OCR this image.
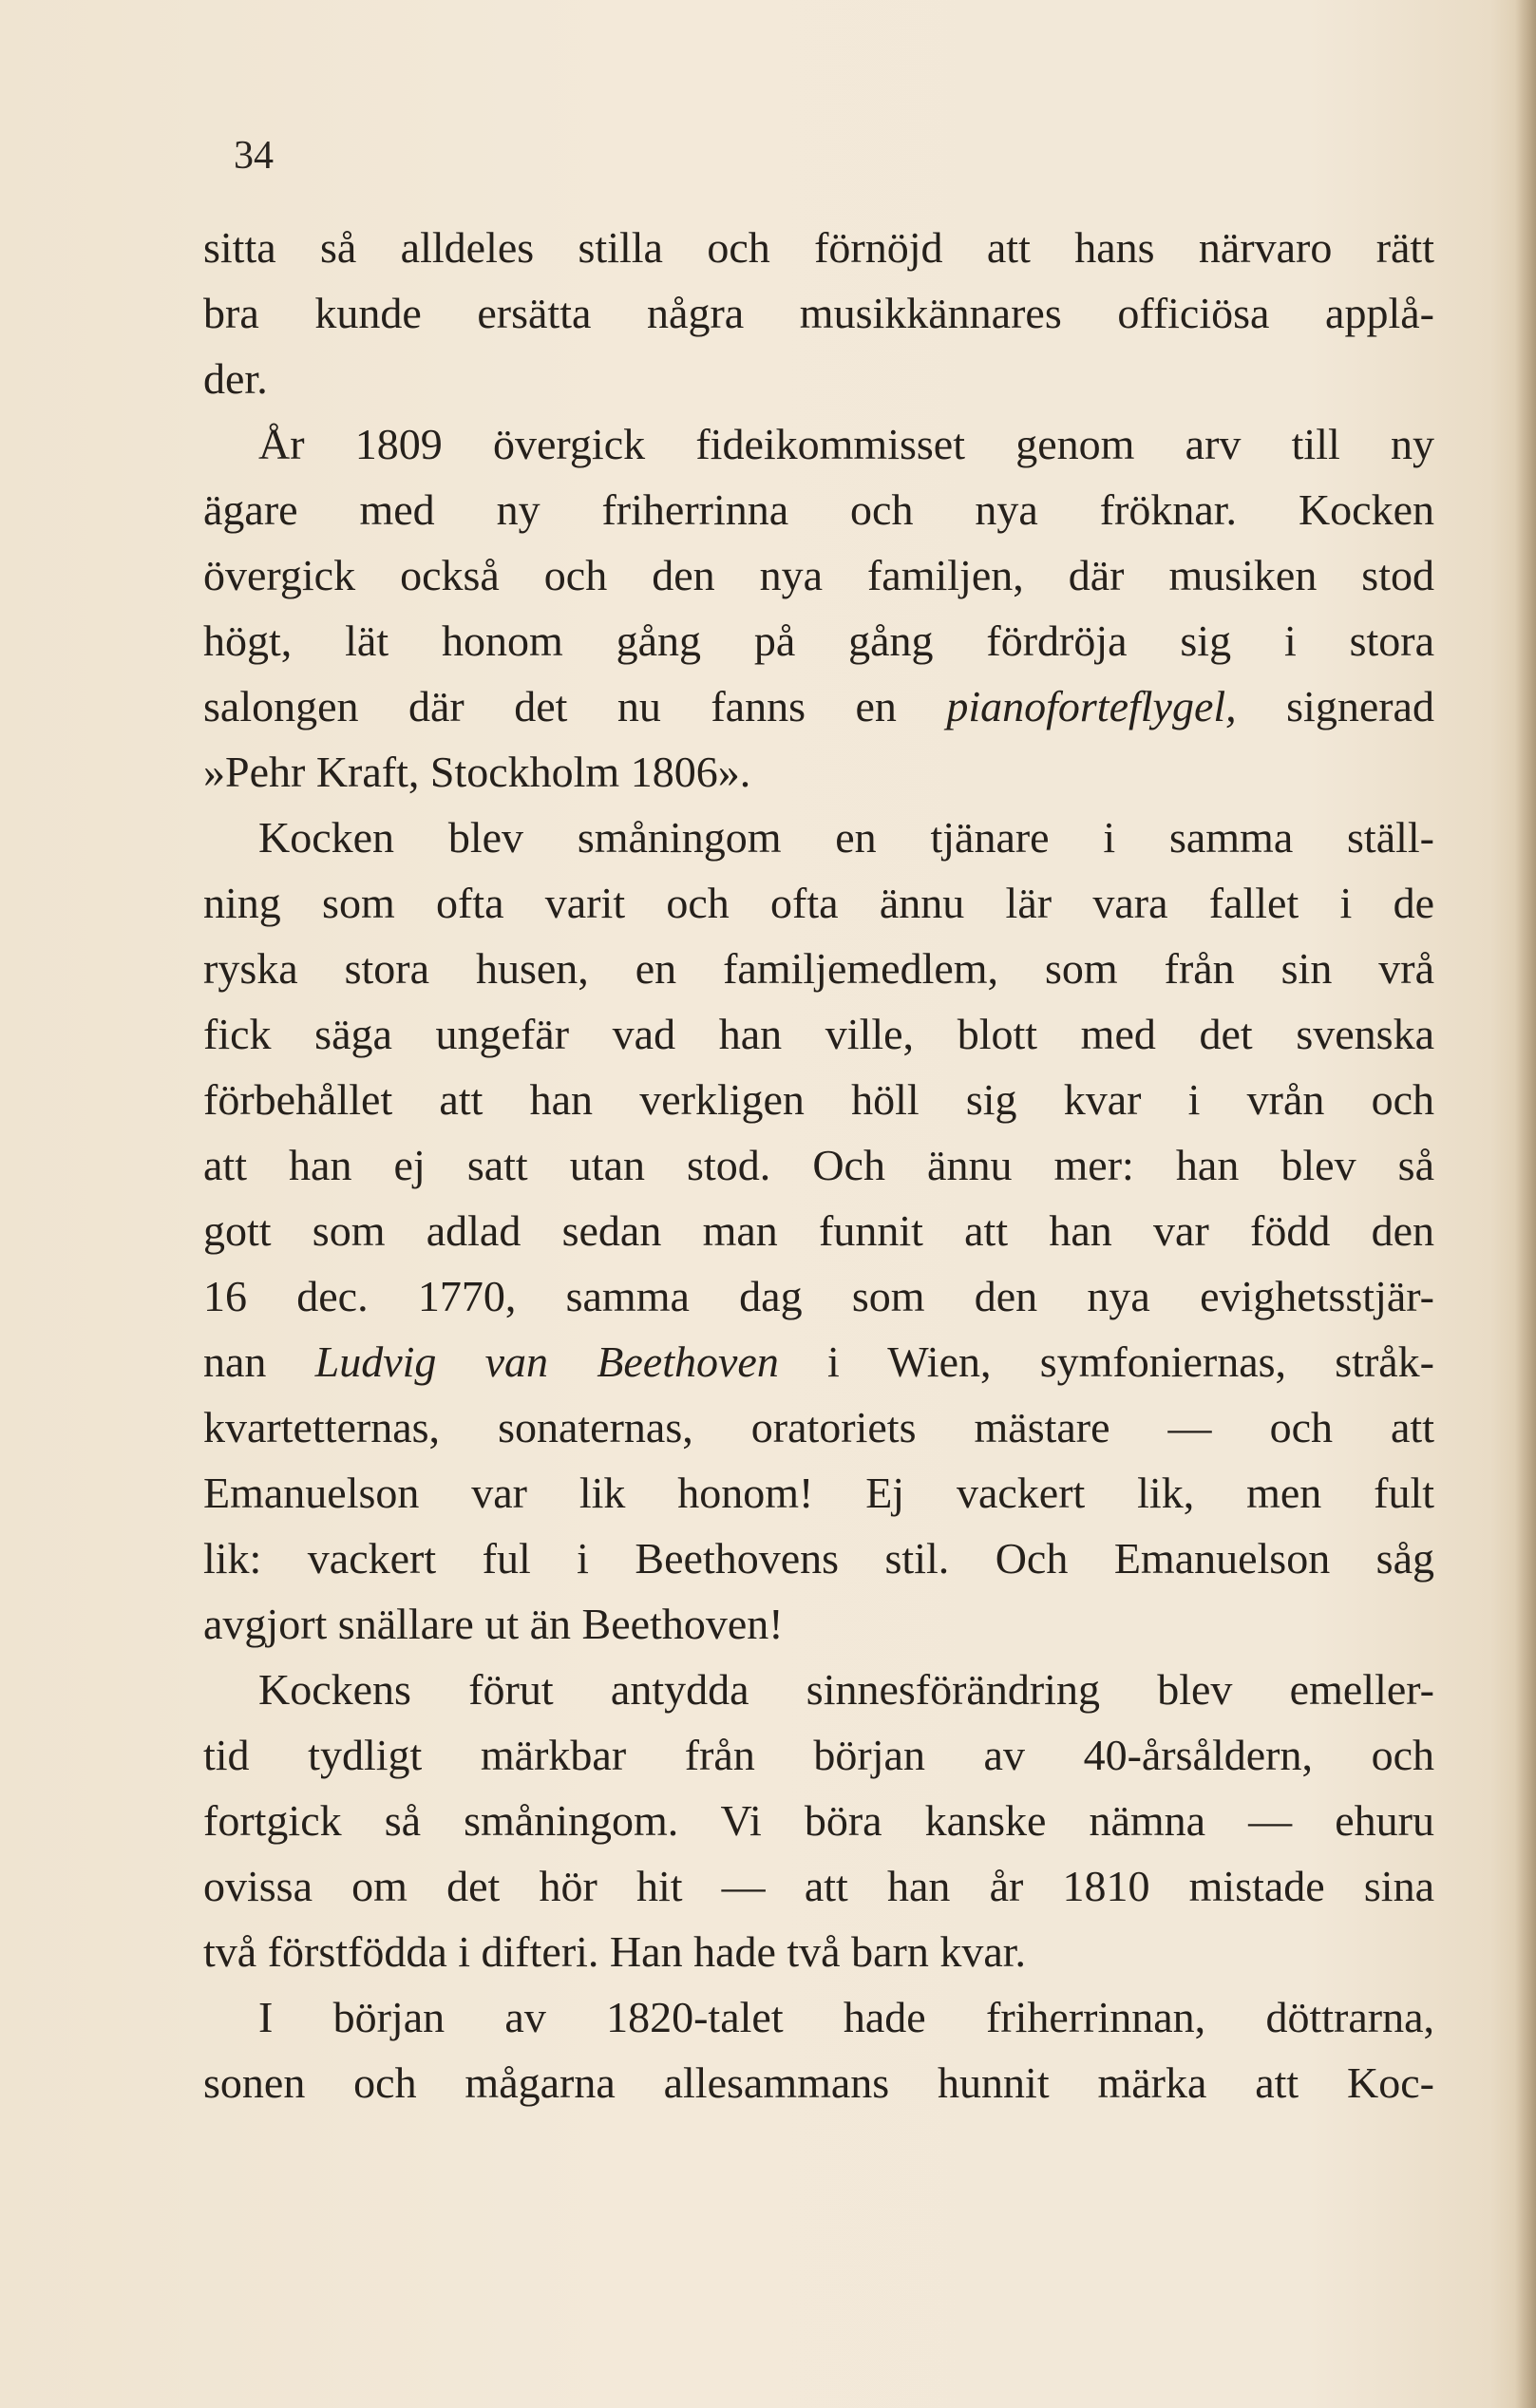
34
sitta så alldeles stilla och förnöjd att hans närvaro rätt
bra kunde ersätta några musikkännares officiösa applå-
der.
År 1809 övergick fideikommisset genom arv till ny
ägare med ny friherrinna och nya fröknar. Kocken
övergick också och den nya familjen, där musiken stod
högt, lät honom gång på gång fördröja sig i stora
salongen där det nu fanns en pianoforteflygel, signerad
»Pehr Kraft, Stockholm 1806».
Kocken blev småningom en tjänare i samma ställ-
ning som ofta varit och ofta ännu lär vara fallet i de
ryska stora husen, en familjemedlem, som från sin vrå
fick säga ungefär vad han ville, blott med det svenska
förbehållet att han verkligen höll sig kvar i vrån och
att han ej satt utan stod. Och ännu mer: han blev så
gott som adlad sedan man funnit att han var född den
16 dec. 1770, samma dag som den nya evighetsstjär-
nan Ludvig van Beethoven i Wien, symfoniernas, stråk-
kvartetternas, sonaternas, oratoriets mästare — och att
Emanuelson var lik honom! Ej vackert lik, men fult
lik: vackert ful i Beethovens stil. Och Emanuelson såg
avgjort snällare ut än Beethoven!
Kockens förut antydda sinnesförändring blev emeller-
tid tydligt märkbar från början av 40-årsåldern, och
fortgick så småningom. Vi böra kanske nämna — ehuru
ovissa om det hör hit — att han år 1810 mistade sina
två förstfödda i difteri. Han hade två barn kvar.
I början av 1820-talet hade friherrinnan, döttrarna,
sonen och mågarna allesammans hunnit märka att Koc-
